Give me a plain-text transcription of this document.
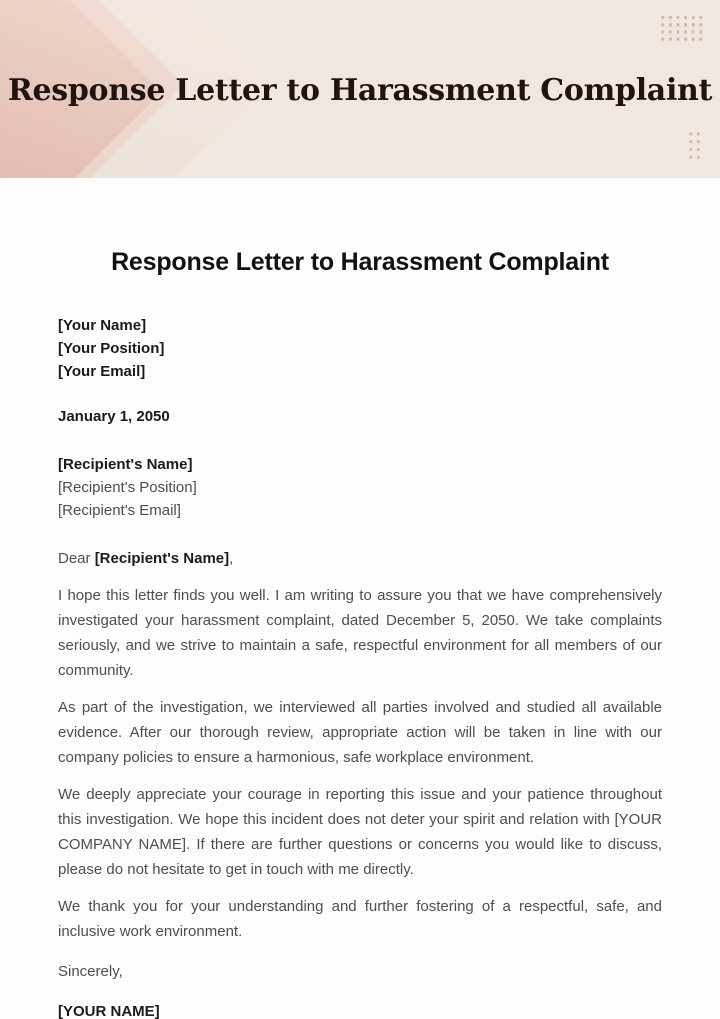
Response Letter to Harassment Complaint
Response Letter to Harassment Complaint
[Your Name]
[Your Position]
[Your Email]
January 1, 2050
[Recipient's Name]
[Recipient's Position]
[Recipient's Email]

Dear [Recipient's Name],

I hope this letter finds you well. I am writing to assure you that we have comprehensively investigated your harassment complaint, dated December 5, 2050. We take complaints seriously, and we strive to maintain a safe, respectful environment for all members of our community.

As part of the investigation, we interviewed all parties involved and studied all available evidence. After our thorough review, appropriate action will be taken in line with our company policies to ensure a harmonious, safe workplace environment.

We deeply appreciate your courage in reporting this issue and your patience throughout this investigation. We hope this incident does not deter your spirit and relation with [YOUR COMPANY NAME]. If there are further questions or concerns you would like to discuss, please do not hesitate to get in touch with me directly.

We thank you for your understanding and further fostering of a respectful, safe, and inclusive work environment.

Sincerely,

[YOUR NAME]
